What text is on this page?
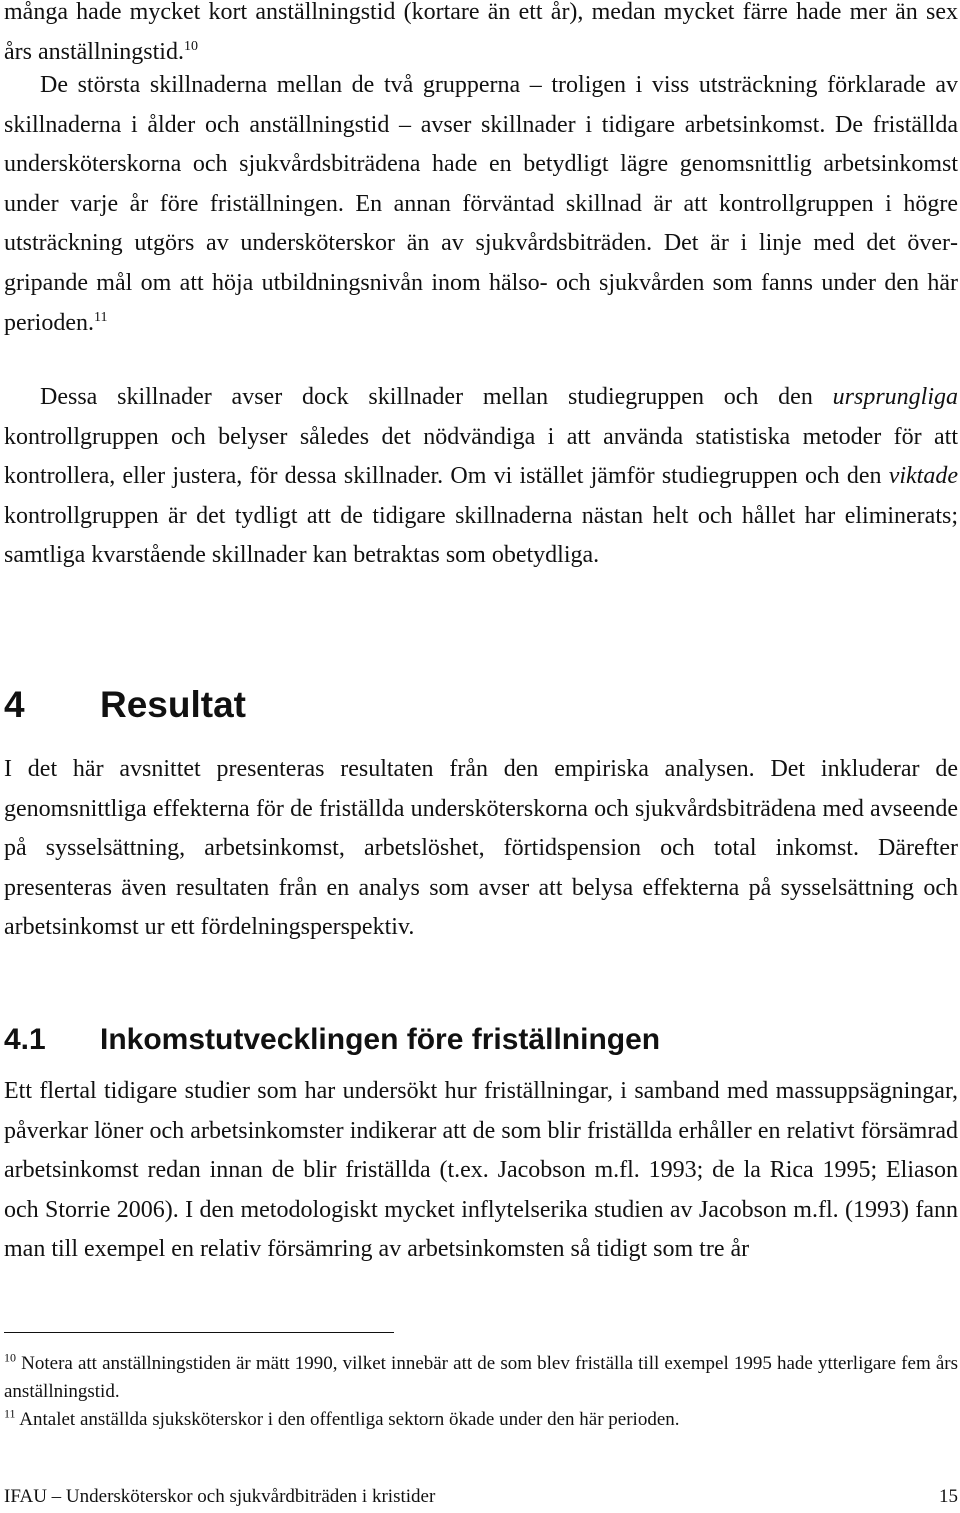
många hade mycket kort anställningstid (kortare än ett år), medan mycket färre hade mer än sex års anställningstid.$^{10}$

De största skillnaderna mellan de två grupperna – troligen i viss utsträckning förklarade av skillnaderna i ålder och anställningstid – avser skillnader i tidigare arbetsinkomst. De friställda undersköterskorna och sjukvårdsbiträdena hade en betydligt lägre genomsnittlig arbetsinkomst under varje år före friställningen. En annan förväntad skillnad är att kontrollgruppen i högre utsträckning utgörs av undersköterskor än av sjukvårdsbiträden. Det är i linje med det övergripande mål om att höja utbildningsnivån inom hälso- och sjukvården som fanns under den här perioden.$^{11}$

Dessa skillnader avser dock skillnader mellan studiegruppen och den ursprungliga kontrollgruppen och belyser således det nödvändiga i att använda statistiska metoder för att kontrollera, eller justera, för dessa skillnader. Om vi istället jämför studiegruppen och den viktade kontrollgruppen är det tydligt att de tidigare skillnaderna nästan helt och hållet har eliminerats; samtliga kvarstående skillnader kan betraktas som obetydliga.

4 Resultat

I det här avsnittet presenteras resultaten från den empiriska analysen. Det inkluderar de genomsnittliga effekterna för de friställda undersköterskorna och sjukvårdsbiträdena med avseende på sysselsättning, arbetsinkomst, arbetslöshet, förtidspension och total inkomst. Därefter presenteras även resultaten från en analys som avser att belysa effekterna på sysselsättning och arbetsinkomst ur ett fördelningsperspektiv.

4.1 Inkomstutvecklingen före friställningen

Ett flertal tidigare studier som har undersökt hur friställningar, i samband med massuppsägningar, påverkar löner och arbetsinkomster indikerar att de som blir friställda erhåller en relativt försämrad arbetsinkomst redan innan de blir friställda (t.ex. Jacobson m.fl. 1993; de la Rica 1995; Eliason och Storrie 2006). I den metodologiskt mycket inflytelserika studien av Jacobson m.fl. (1993) fann man till exempel en relativ försämring av arbetsinkomsten så tidigt som tre år

$^{10}$ Notera att anställningstiden är mätt 1990, vilket innebär att de som blev friställa till exempel 1995 hade ytterligare fem års anställningstid.

$^{11}$ Antalet anställda sjuksköterskor i den offentliga sektorn ökade under den här perioden.

IFAU – Undersköterskor och sjukvårdbiträden i kristider	15
